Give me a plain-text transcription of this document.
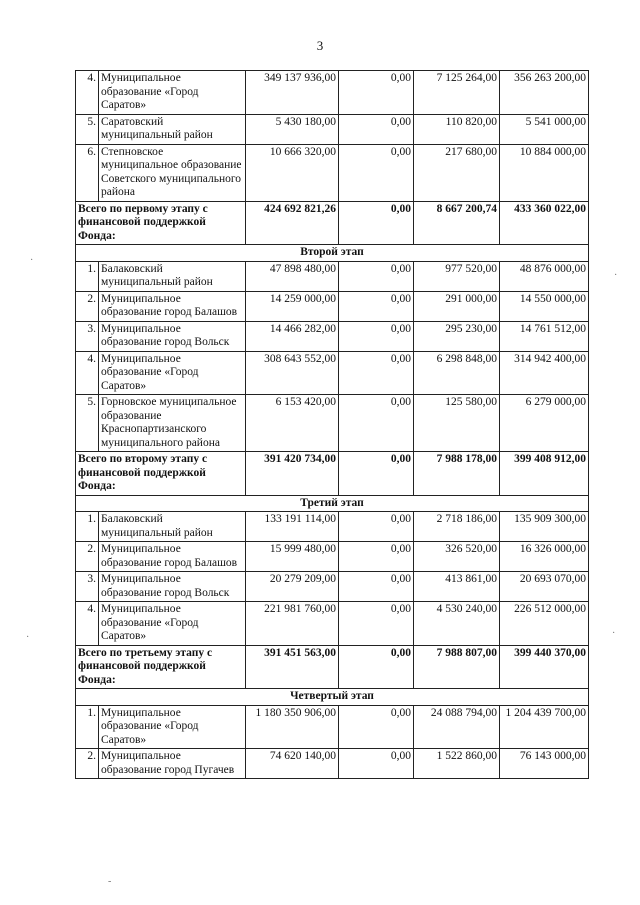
3
4.	Муниципальное образование «Город Саратов»	349 137 936,00	0,00	7 125 264,00	356 263 200,00
5.	Саратовский муниципальный район	5 430 180,00	0,00	110 820,00	5 541 000,00
6.	Степновское муниципальное образование Советского муниципального района	10 666 320,00	0,00	217 680,00	10 884 000,00
Всего по первому этапу с финансовой поддержкой Фонда:		424 692 821,26	0,00	8 667 200,74	433 360 022,00
Второй этап					
1.	Балаковский муниципальный район	47 898 480,00	0,00	977 520,00	48 876 000,00
2.	Муниципальное образование город Балашов	14 259 000,00	0,00	291 000,00	14 550 000,00
3.	Муниципальное образование город Вольск	14 466 282,00	0,00	295 230,00	14 761 512,00
4.	Муниципальное образование «Город Саратов»	308 643 552,00	0,00	6 298 848,00	314 942 400,00
5.	Горновское муниципальное образование Краснопартизанского муниципального района	6 153 420,00	0,00	125 580,00	6 279 000,00
Всего по второму этапу с финансовой поддержкой Фонда:		391 420 734,00	0,00	7 988 178,00	399 408 912,00
Третий этап					
1.	Балаковский муниципальный район	133 191 114,00	0,00	2 718 186,00	135 909 300,00
2.	Муниципальное образование город Балашов	15 999 480,00	0,00	326 520,00	16 326 000,00
3.	Муниципальное образование город Вольск	20 279 209,00	0,00	413 861,00	20 693 070,00
4.	Муниципальное образование «Город Саратов»	221 981 760,00	0,00	4 530 240,00	226 512 000,00
Всего по третьему этапу с финансовой поддержкой Фонда:		391 451 563,00	0,00	7 988 807,00	399 440 370,00
Четвертый этап					
1.	Муниципальное образование «Город Саратов»	1 180 350 906,00	0,00	24 088 794,00	1 204 439 700,00
2.	Муниципальное образование город Пугачев	74 620 140,00	0,00	1 522 860,00	76 143 000,00
·
·
·
·
-
